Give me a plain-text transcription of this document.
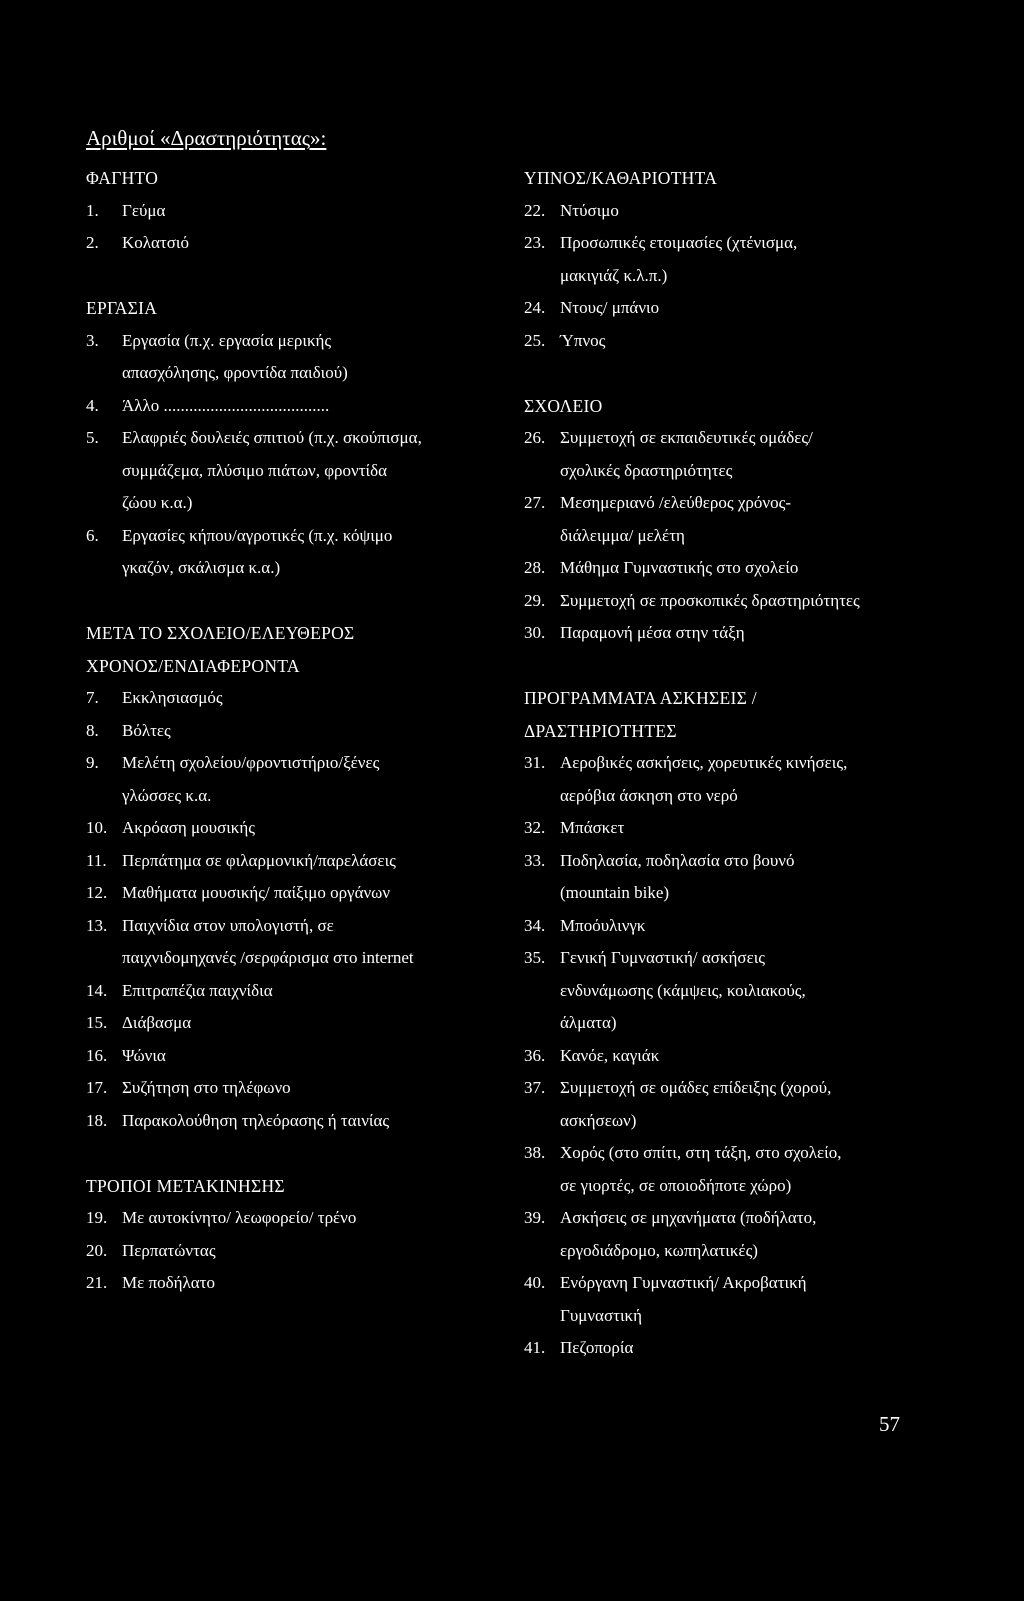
Αριθμοί «Δραστηριότητας»:
ΦΑΓΗΤΟ
1.	Γεύμα
2.	Κολατσιό
ΕΡΓΑΣΙΑ
3.	Εργασία (π.χ. εργασία μερικής
απασχόλησης, φροντίδα παιδιού)
4.	Άλλο .......................................
5.	Ελαφριές δουλειές σπιτιού (π.χ. σκούπισμα,
συμμάζεμα, πλύσιμο πιάτων, φροντίδα
ζώου κ.α.)
6.	Εργασίες κήπου/αγροτικές (π.χ. κόψιμο
γκαζόν, σκάλισμα κ.α.)
ΜΕΤΑ ΤΟ ΣΧΟΛΕΙΟ/ΕΛΕΥΘΕΡΟΣ
ΧΡΟΝΟΣ/ΕΝΔΙΑΦΕΡΟΝΤΑ
7.	Εκκλησιασμός
8.	Βόλτες
9.	Μελέτη σχολείου/φροντιστήριο/ξένες
γλώσσες κ.α.
10. Ακρόαση μουσικής
11. Περπάτημα σε φιλαρμονική/παρελάσεις
12. Μαθήματα μουσικής/ παίξιμο οργάνων
13. Παιχνίδια στον υπολογιστή, σε
παιχνιδομηχανές /σερφάρισμα στο internet
14. Επιτραπέζια παιχνίδια
15. Διάβασμα
16. Ψώνια
17. Συζήτηση στο τηλέφωνο
18. Παρακολούθηση τηλεόρασης ή ταινίας
ΤΡΟΠΟΙ ΜΕΤΑΚΙΝΗΣΗΣ
19. Με αυτοκίνητο/ λεωφορείο/ τρένο
20. Περπατώντας
21. Με ποδήλατο
ΥΠΝΟΣ/ΚΑΘΑΡΙΟΤΗΤΑ
22. Ντύσιμο
23. Προσωπικές ετοιμασίες (χτένισμα,
μακιγιάζ κ.λ.π.)
24. Ντους/ μπάνιο
25. Ύπνος
ΣΧΟΛΕΙΟ
26. Συμμετοχή σε εκπαιδευτικές ομάδες/
σχολικές δραστηριότητες
27. Μεσημεριανό /ελεύθερος χρόνος-
διάλειμμα/ μελέτη
28. Μάθημα Γυμναστικής στο σχολείο
29. Συμμετοχή σε προσκοπικές δραστηριότητες
30. Παραμονή μέσα στην τάξη
ΠΡΟΓΡΑΜΜΑΤΑ ΑΣΚΗΣΕΙΣ /
ΔΡΑΣΤΗΡΙΟΤΗΤΕΣ
31. Αεροβικές ασκήσεις, χορευτικές κινήσεις,
αερόβια άσκηση στο νερό
32. Μπάσκετ
33. Ποδηλασία, ποδηλασία στο βουνό
(mountain bike)
34. Μποόυλινγκ
35. Γενική Γυμναστική/ ασκήσεις
ενδυνάμωσης (κάμψεις, κοιλιακούς,
άλματα)
36. Κανόε, καγιάκ
37. Συμμετοχή σε ομάδες επίδειξης (χορού,
ασκήσεων)
38. Χορός (στο σπίτι, στη τάξη, στο σχολείο,
σε γιορτές, σε οποιοδήποτε χώρο)
39. Ασκήσεις σε μηχανήματα (ποδήλατο,
εργοδιάδρομο, κωπηλατικές)
40. Ενόργανη Γυμναστική/ Ακροβατική
Γυμναστική
41. Πεζοπορία
57
